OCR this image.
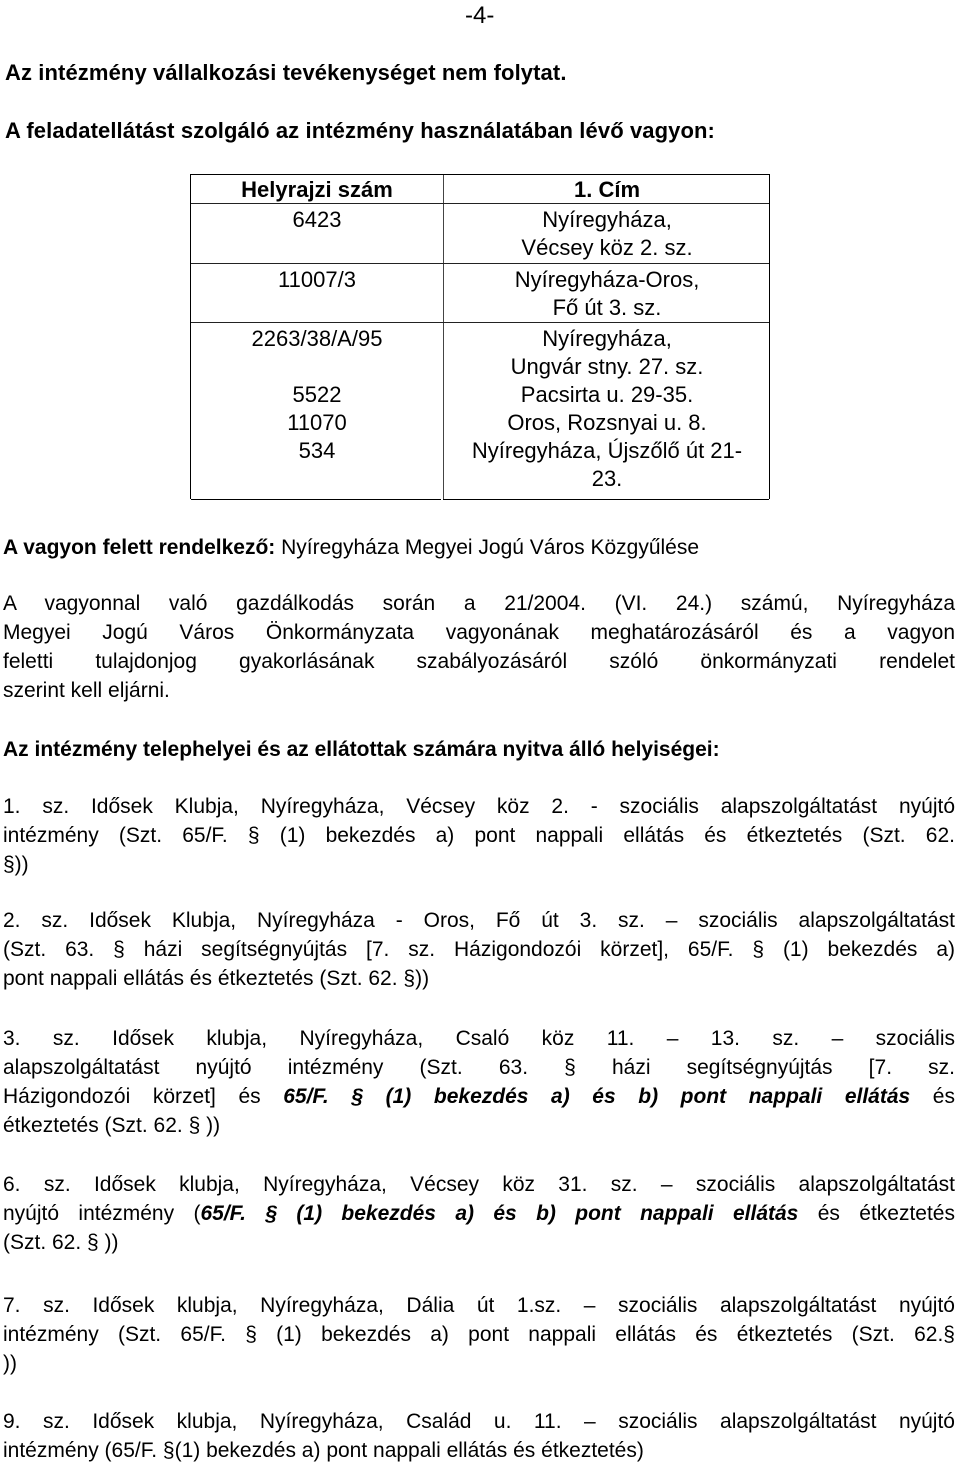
-4-
Az intézmény vállalkozási tevékenységet nem folytat.
A feladatellátást szolgáló az intézmény használatában lévő vagyon:
Helyrajzi szám	1. Cím
6423	Nyíregyháza,
Vécsey köz 2. sz.
11007/3	Nyíregyháza-Oros,
Fő út 3. sz.
2263/38/A/95	Nyíregyháza,
Ungvár stny. 27. sz.
5522	Pacsirta u. 29-35.
11070	Oros, Rozsnyai u. 8.
534	Nyíregyháza, Újszőlő út 21-
23.
A vagyon felett rendelkező: Nyíregyháza Megyei Jogú Város Közgyűlése
A vagyonnal való gazdálkodás során a 21/2004. (VI. 24.) számú, Nyíregyháza
Megyei Jogú Város Önkormányzata vagyonának meghatározásáról és a vagyon
feletti tulajdonjog gyakorlásának szabályozásáról szóló önkormányzati rendelet
szerint kell eljárni.
Az intézmény telephelyei és az ellátottak számára nyitva álló helyiségei:
1. sz. Idősek Klubja, Nyíregyháza, Vécsey köz 2. - szociális alapszolgáltatást nyújtó
intézmény (Szt. 65/F. § (1) bekezdés a) pont nappali ellátás és étkeztetés (Szt. 62.
§))
2. sz. Idősek Klubja, Nyíregyháza - Oros, Fő út 3. sz. – szociális alapszolgáltatást
(Szt. 63. § házi segítségnyújtás [7. sz. Házigondozói körzet], 65/F. § (1) bekezdés a)
pont nappali ellátás és étkeztetés (Szt. 62. §))
3. sz. Idősek klubja, Nyíregyháza, Csaló köz 11. – 13. sz. – szociális
alapszolgáltatást nyújtó intézmény (Szt. 63. § házi segítségnyújtás [7. sz.
Házigondozói körzet] és 65/F. § (1) bekezdés a) és b) pont nappali ellátás és
étkeztetés (Szt. 62. § ))
6. sz. Idősek klubja, Nyíregyháza, Vécsey köz 31. sz. – szociális alapszolgáltatást
nyújtó intézmény (65/F. § (1) bekezdés a) és b) pont nappali ellátás és étkeztetés
(Szt. 62. § ))
7. sz. Idősek klubja, Nyíregyháza, Dália út 1.sz. – szociális alapszolgáltatást nyújtó
intézmény (Szt. 65/F. § (1) bekezdés a) pont nappali ellátás és étkeztetés (Szt. 62.§
))
9. sz. Idősek klubja, Nyíregyháza, Család u. 11. – szociális alapszolgáltatást nyújtó
intézmény (65/F. §(1) bekezdés a) pont nappali ellátás és étkeztetés)
